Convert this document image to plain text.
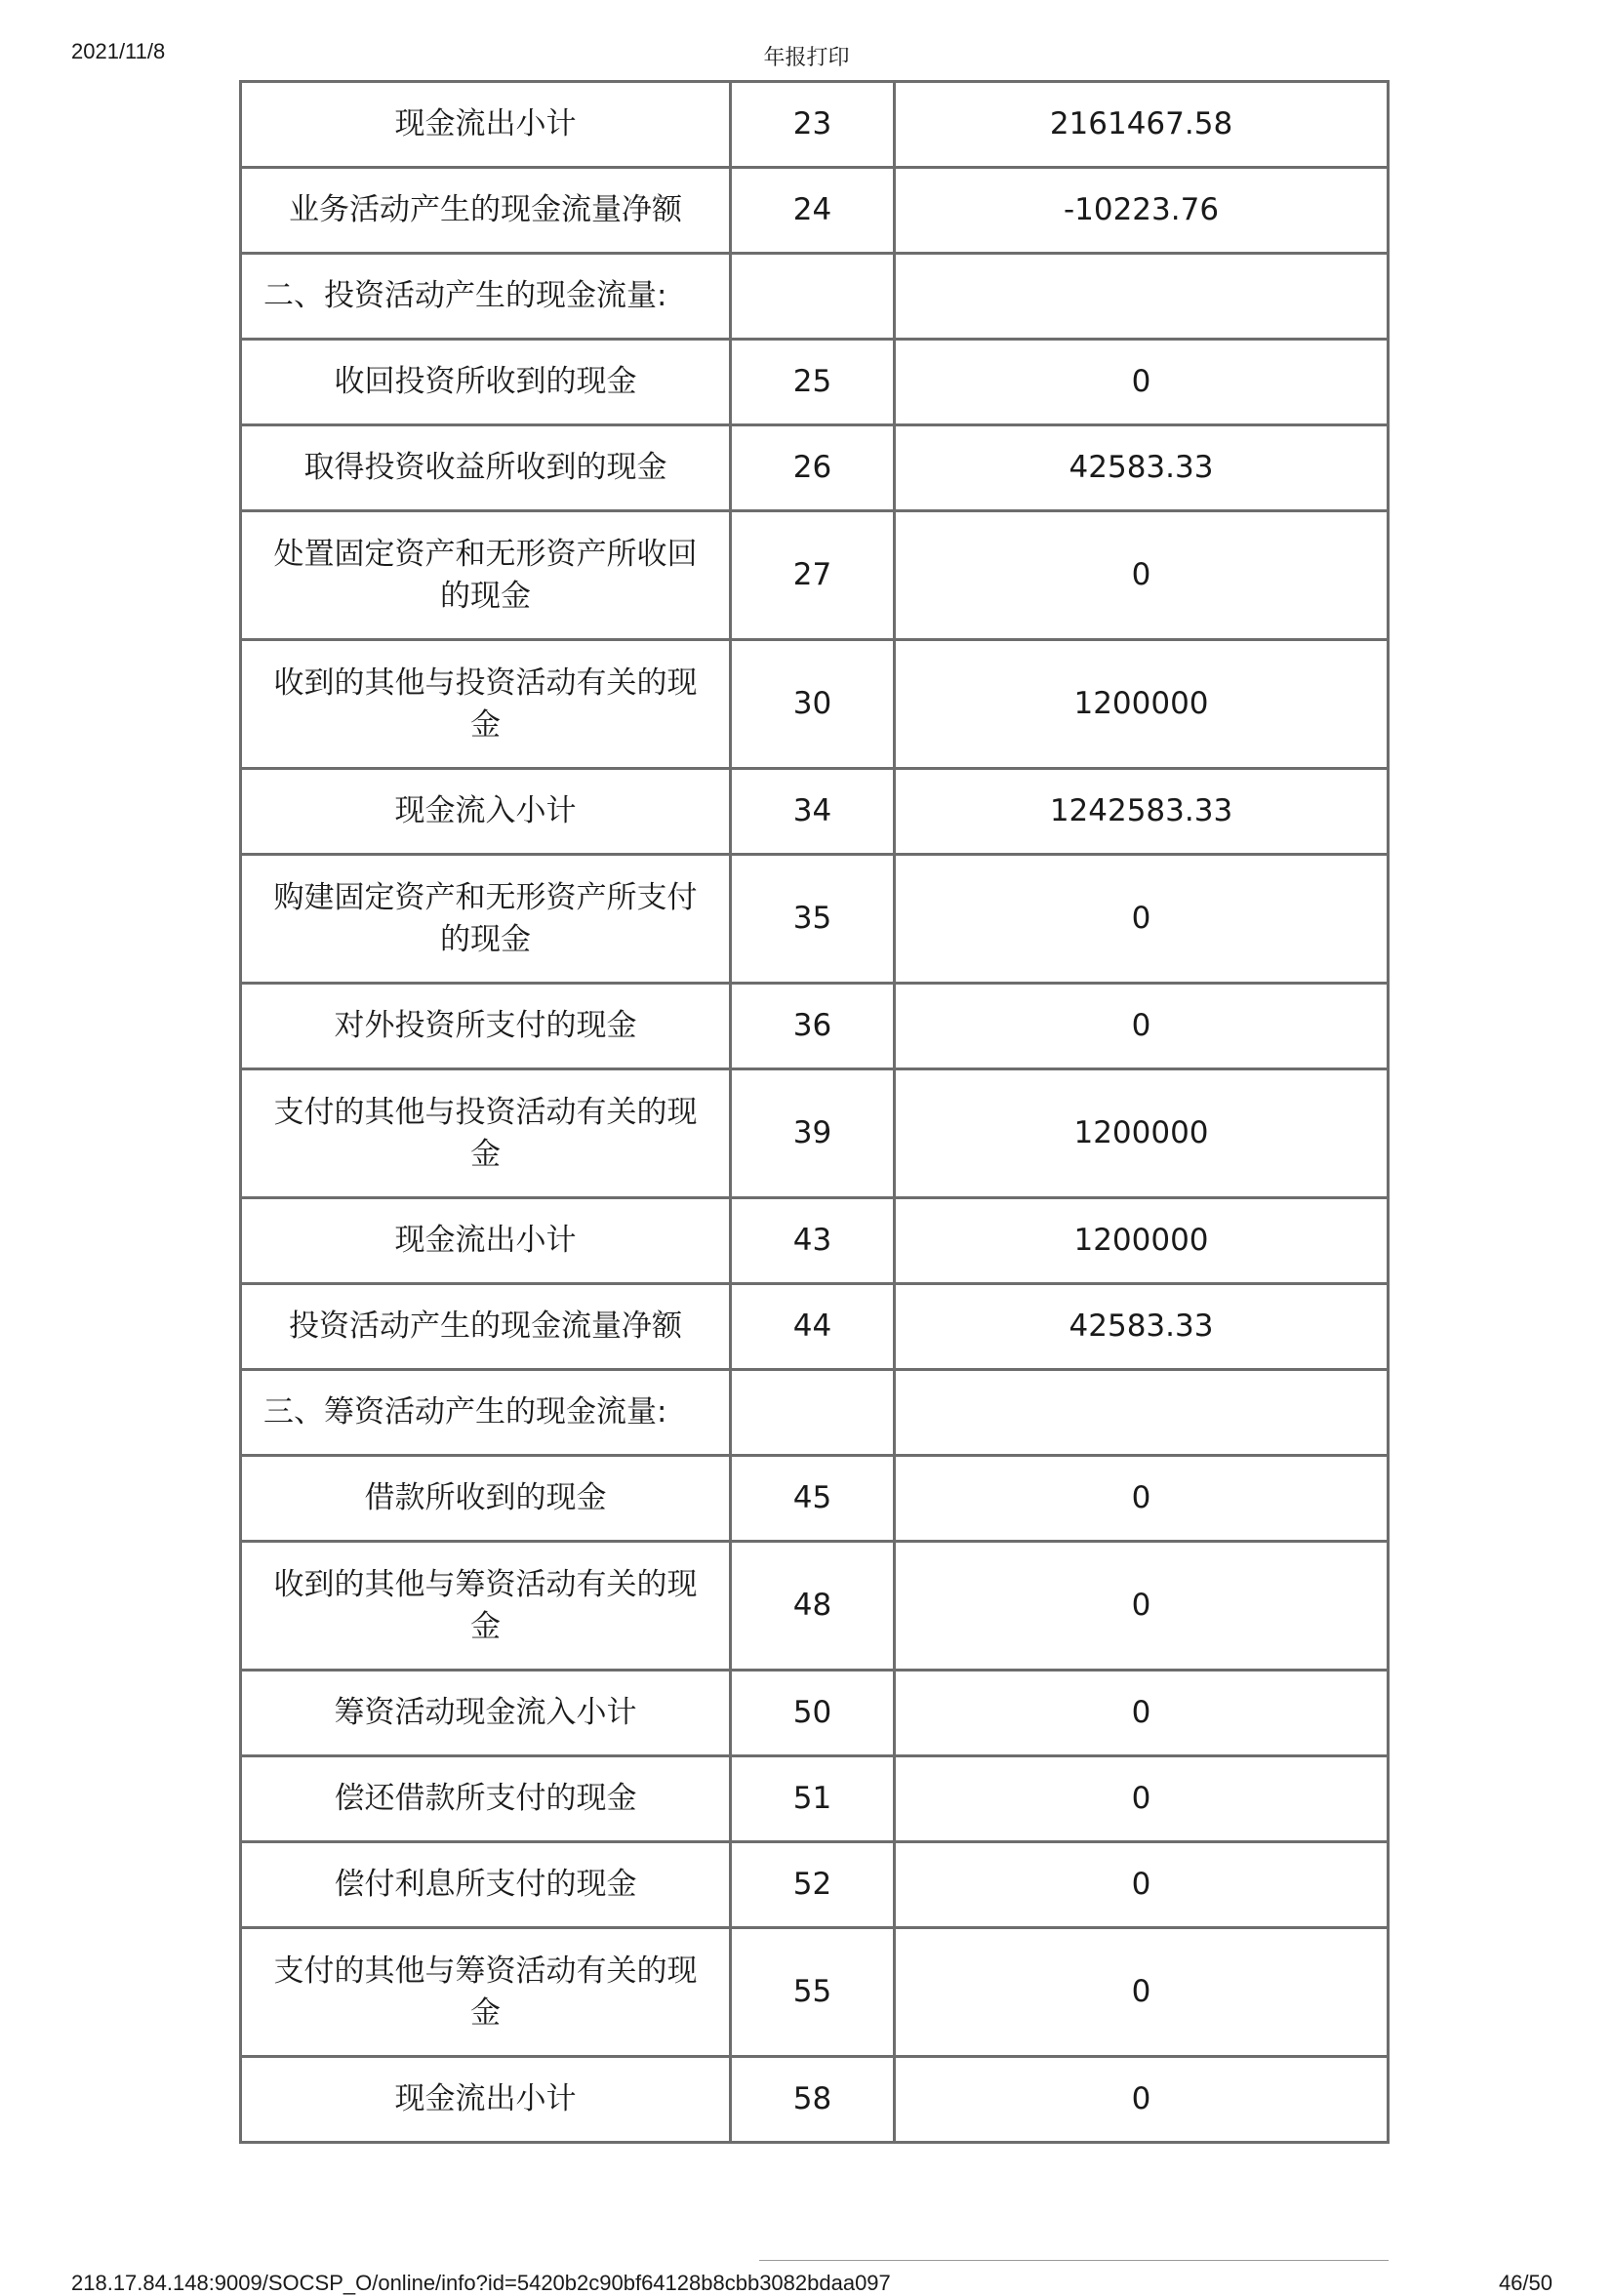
2021/11/8	年报打印
现金流出小计	23	2161467.58
业务活动产生的现金流量净额	24	-10223.76
二、投资活动产生的现金流量:		
收回投资所收到的现金	25	0
取得投资收益所收到的现金	26	42583.33
处置固定资产和无形资产所收回的现金	27	0
收到的其他与投资活动有关的现金	30	1200000
现金流入小计	34	1242583.33
购建固定资产和无形资产所支付的现金	35	0
对外投资所支付的现金	36	0
支付的其他与投资活动有关的现金	39	1200000
现金流出小计	43	1200000
投资活动产生的现金流量净额	44	42583.33
三、筹资活动产生的现金流量:		
借款所收到的现金	45	0
收到的其他与筹资活动有关的现金	48	0
筹资活动现金流入小计	50	0
偿还借款所支付的现金	51	0
偿付利息所支付的现金	52	0
支付的其他与筹资活动有关的现金	55	0
现金流出小计	58	0
218.17.84.148:9009/SOCSP_O/online/info?id=5420b2c90bf64128b8cbb3082bdaa097	46/50
